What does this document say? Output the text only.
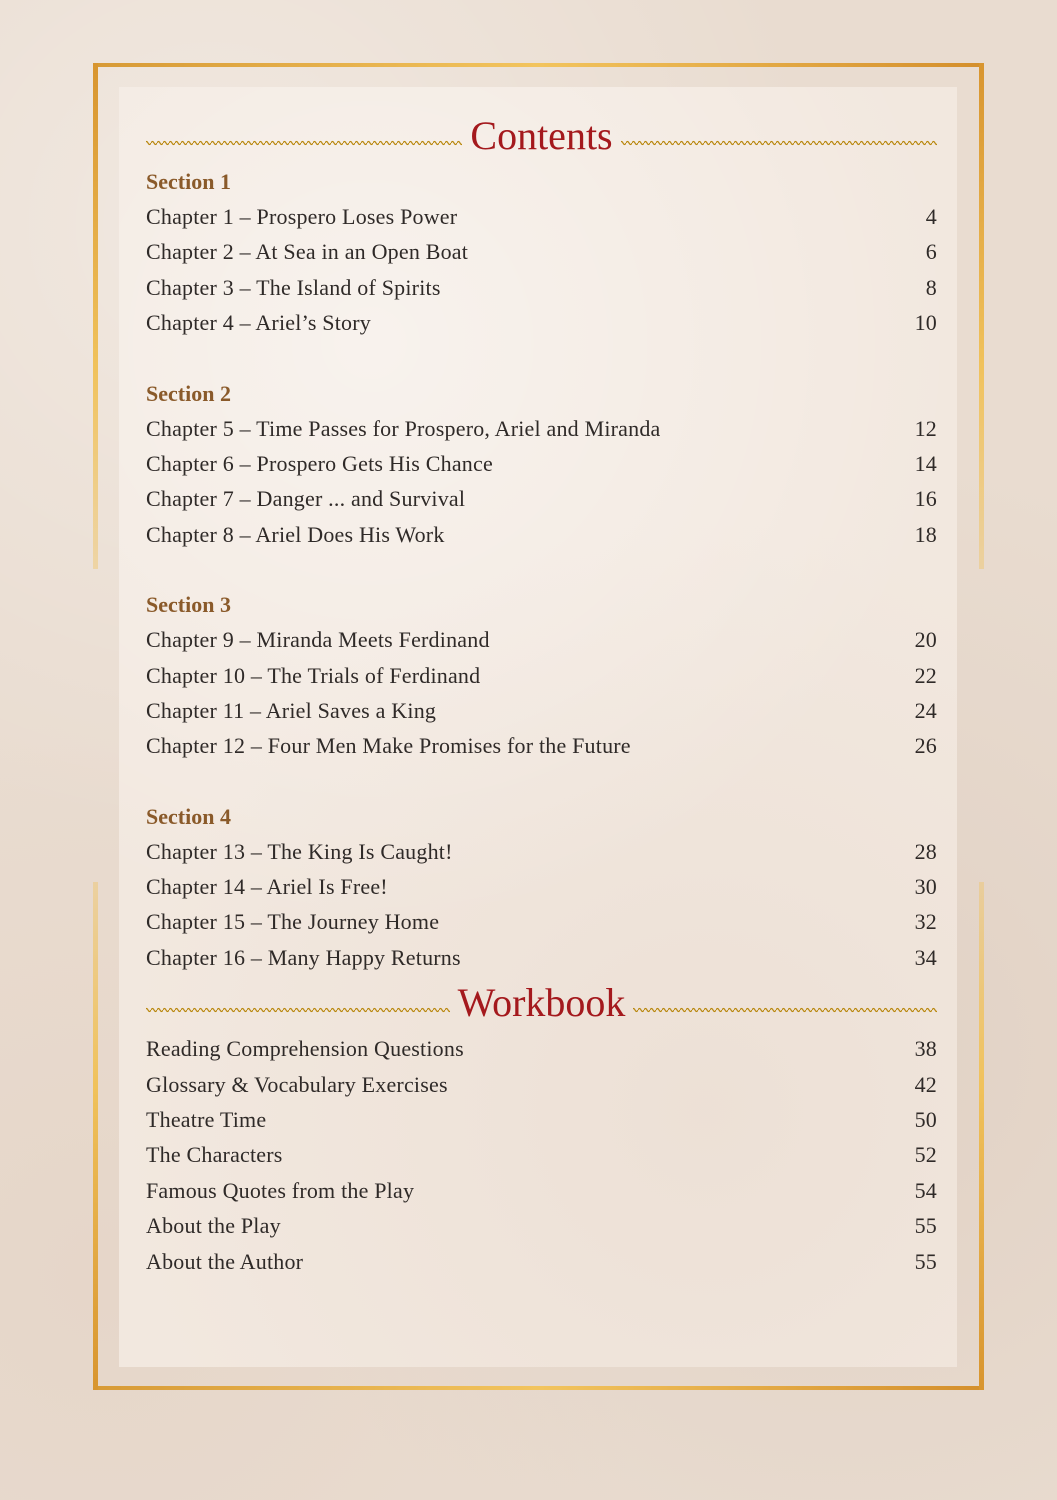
Contents
Section 1
Chapter 1 – Prospero Loses Power	4
Chapter 2 – At Sea in an Open Boat	6
Chapter 3 – The Island of Spirits	8
Chapter 4 – Ariel’s Story	10
Section 2
Chapter 5 – Time Passes for Prospero, Ariel and Miranda	12
Chapter 6 – Prospero Gets His Chance	14
Chapter 7 – Danger ... and Survival	16
Chapter 8 – Ariel Does His Work	18
Section 3
Chapter 9 – Miranda Meets Ferdinand	20
Chapter 10 – The Trials of Ferdinand	22
Chapter 11 – Ariel Saves a King	24
Chapter 12 – Four Men Make Promises for the Future	26
Section 4
Chapter 13 – The King Is Caught!	28
Chapter 14 – Ariel Is Free!	30
Chapter 15 – The Journey Home	32
Chapter 16 – Many Happy Returns	34
Workbook
Reading Comprehension Questions	38
Glossary & Vocabulary Exercises	42
Theatre Time	50
The Characters	52
Famous Quotes from the Play	54
About the Play	55
About the Author	55
